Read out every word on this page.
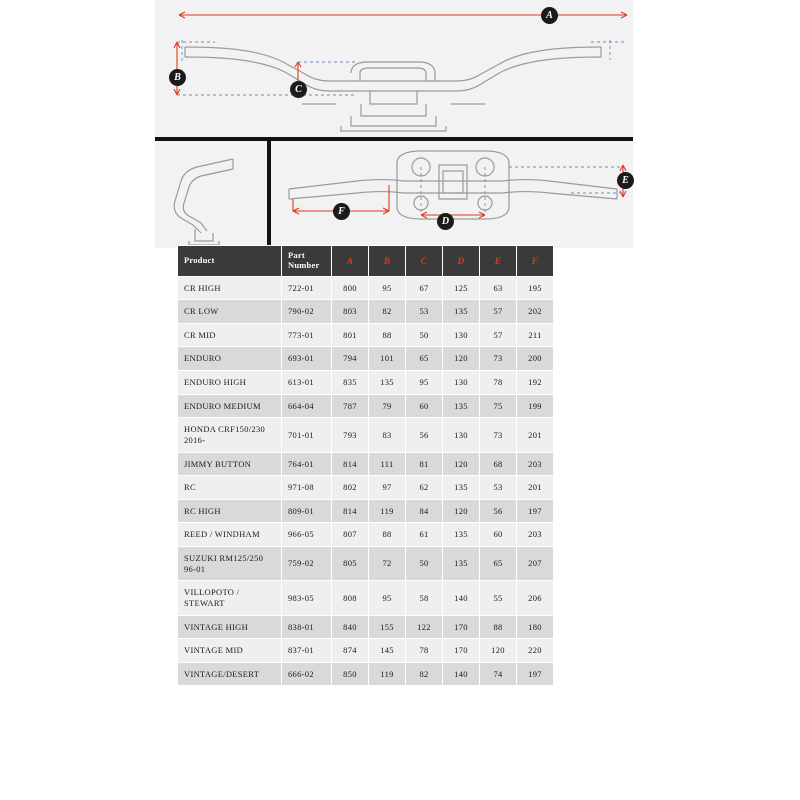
A
B
C
D
E
F
Product	Part Number	A	B	C	D	E	F
CR HIGH	722-01	800	95	67	125	63	195
CR LOW	790-02	803	82	53	135	57	202
CR MID	773-01	801	88	50	130	57	211
ENDURO	693-01	794	101	65	120	73	200
ENDURO HIGH	613-01	835	135	95	130	78	192
ENDURO MEDIUM	664-04	787	79	60	135	75	199
HONDA CRF150/230 2016-	701-01	793	83	56	130	73	201
JIMMY BUTTON	764-01	814	111	81	120	68	203
RC	971-08	802	97	62	135	53	201
RC HIGH	809-01	814	119	84	120	56	197
REED / WINDHAM	966-05	807	88	61	135	60	203
SUZUKI RM125/250 96-01	759-02	805	72	50	135	65	207
VILLOPOTO / STEWART	983-05	808	95	58	140	55	206
VINTAGE HIGH	838-01	840	155	122	170	88	180
VINTAGE MID	837-01	874	145	78	170	120	220
VINTAGE/DESERT	666-02	850	119	82	140	74	197
